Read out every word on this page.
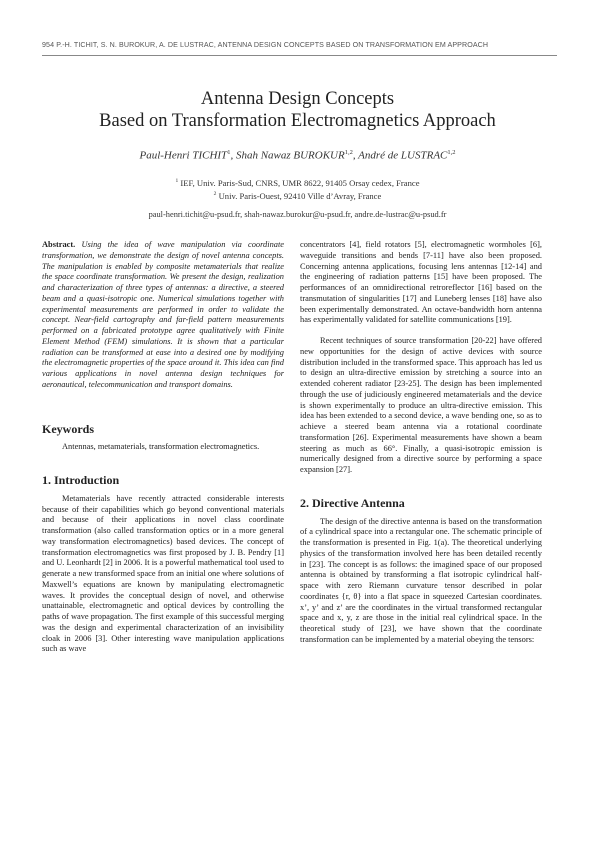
954 P.-H. TICHIT, S. N. BUROKUR, A. DE LUSTRAC, ANTENNA DESIGN CONCEPTS BASED ON TRANSFORMATION EM APPROACH
Antenna Design Concepts
Based on Transformation Electromagnetics Approach
Paul-Henri TICHIT$^1$, Shah Nawaz BUROKUR$^{1,2}$, André de LUSTRAC$^{1,2}$
$^1$ IEF, Univ. Paris-Sud, CNRS, UMR 8622, 91405 Orsay cedex, France
$^2$ Univ. Paris-Ouest, 92410 Ville d’Avray, France
paul-henri.tichit@u-psud.fr, shah-nawaz.burokur@u-psud.fr, andre.de-lustrac@u-psud.fr

Abstract. Using the idea of wave manipulation via coordinate transformation, we demonstrate the design of novel antenna concepts. The manipulation is enabled by composite metamaterials that realize the space coordinate transformation. We present the design, realization and characterization of three types of antennas: a directive, a steered beam and a quasi-isotropic one. Numerical simulations together with experimental measurements are performed in order to validate the concept. Near-field cartography and far-field pattern measurements performed on a fabricated prototype agree qualitatively with Finite Element Method (FEM) simulations. It is shown that a particular radiation can be transformed at ease into a desired one by modifying the electromagnetic properties of the space around it. This idea can find various applications in novel antenna design techniques for aeronautical, telecommunication and transport domains.

Keywords

Antennas, metamaterials, transformation electromagnetics.

1. Introduction

Metamaterials have recently attracted considerable interests because of their capabilities which go beyond conventional materials and because of their applications in novel class coordinate transformation (also called transformation optics or in a more general way transformation electromagnetics) based devices. The concept of transformation electromagnetics was first proposed by J. B. Pendry [1] and U. Leonhardt [2] in 2006. It is a powerful mathematical tool used to generate a new transformed space from an initial one where solutions of Maxwell’s equations are known by manipulating electromagnetic waves. It provides the conceptual design of novel, and otherwise unattainable, electromagnetic and optical devices by controlling the paths of wave propagation. The first example of this successful merging was the design and experimental characterization of an invisibility cloak in 2006 [3]. Other interesting wave manipulation applications such as wave

concentrators [4], field rotators [5], electromagnetic wormholes [6], waveguide transitions and bends [7-11] have also been proposed. Concerning antenna applications, focusing lens antennas [12-14] and the engineering of radiation patterns [15] have been proposed. The performances of an omnidirectional retroreflector [16] based on the transmutation of singularities [17] and Luneberg lenses [18] have also been experimentally demonstrated. An octave-bandwidth horn antenna has experimentally validated for satellite communications [19].

Recent techniques of source transformation [20-22] have offered new opportunities for the design of active devices with source distribution included in the transformed space. This approach has led us to design an ultra-directive emission by stretching a source into an extended coherent radiator [23-25]. The design has been implemented through the use of judiciously engineered metamaterials and the device is shown experimentally to produce an ultra-directive emission. This idea has been extended to a second device, a wave bending one, so as to achieve a steered beam antenna via a rotational coordinate transformation [26]. Experimental measurements have shown a beam steering as much as 66°. Finally, a quasi-isotropic emission is numerically designed from a directive source by performing a space expansion [27].

2. Directive Antenna

The design of the directive antenna is based on the transformation of a cylindrical space into a rectangular one. The schematic principle of the transformation is presented in Fig. 1(a). The theoretical underlying physics of the transformation involved here has been detailed recently in [23]. The concept is as follows: the imagined space of our proposed antenna is obtained by transforming a flat isotropic cylindrical half-space with zero Riemann curvature tensor described in polar coordinates {r, θ} into a flat space in squeezed Cartesian coordinates. x’, y’ and z’ are the coordinates in the virtual transformed rectangular space and x, y, z are those in the initial real cylindrical space. In the theoretical study of [23], we have shown that the coordinate transformation can be implemented by a material obeying the tensors:
